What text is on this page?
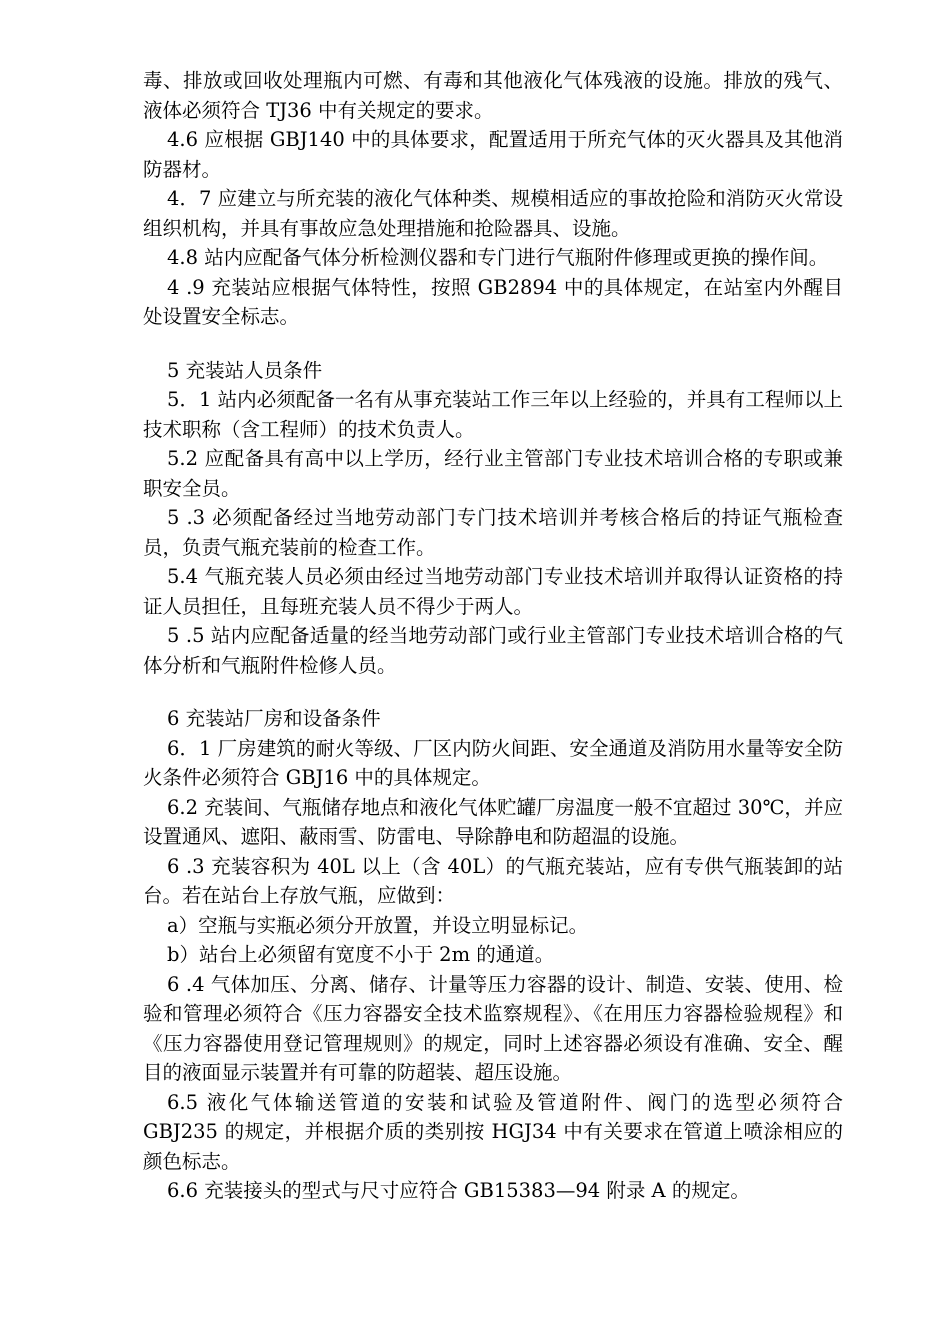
毒、排放或回收处理瓶内可燃、有毒和其他液化气体残液的设施。排放的残气、液体必须符合 TJ36 中有关规定的要求。

4.6 应根据 GBJ140 中的具体要求，配置适用于所充气体的灭火器具及其他消防器材。

4．7 应建立与所充装的液化气体种类、规模相适应的事故抢险和消防灭火常设组织机构，并具有事故应急处理措施和抢险器具、设施。

4.8 站内应配备气体分析检测仪器和专门进行气瓶附件修理或更换的操作间。

4 .9 充装站应根据气体特性，按照 GB2894 中的具体规定，在站室内外醒目处设置安全标志。

5 充装站人员条件

5．1 站内必须配备一名有从事充装站工作三年以上经验的，并具有工程师以上技术职称（含工程师）的技术负责人。

5.2 应配备具有高中以上学历，经行业主管部门专业技术培训合格的专职或兼职安全员。

5 .3 必须配备经过当地劳动部门专门技术培训并考核合格后的持证气瓶检查员，负责气瓶充装前的检查工作。

5.4 气瓶充装人员必须由经过当地劳动部门专业技术培训并取得认证资格的持证人员担任，且每班充装人员不得少于两人。

5 .5 站内应配备适量的经当地劳动部门或行业主管部门专业技术培训合格的气体分析和气瓶附件检修人员。

6 充装站厂房和设备条件

6．1 厂房建筑的耐火等级、厂区内防火间距、安全通道及消防用水量等安全防火条件必须符合 GBJ16 中的具体规定。

6.2 充装间、气瓶储存地点和液化气体贮罐厂房温度一般不宜超过 30℃，并应设置通风、遮阳、蔽雨雪、防雷电、导除静电和防超温的设施。

6 .3 充装容积为 40L 以上（含 40L）的气瓶充装站，应有专供气瓶装卸的站台。若在站台上存放气瓶，应做到：

a）空瓶与实瓶必须分开放置，并设立明显标记。

b）站台上必须留有宽度不小于 2m 的通道。

6 .4 气体加压、分离、储存、计量等压力容器的设计、制造、安装、使用、检验和管理必须符合《压力容器安全技术监察规程》、《在用压力容器检验规程》和《压力容器使用登记管理规则》的规定，同时上述容器必须设有准确、安全、醒目的液面显示装置并有可靠的防超装、超压设施。

6.5 液化气体输送管道的安装和试验及管道附件、阀门的选型必须符合 GBJ235 的规定，并根据介质的类别按 HGJ34 中有关要求在管道上喷涂相应的颜色标志。

6.6 充装接头的型式与尺寸应符合 GB15383—94 附录 A 的规定。
